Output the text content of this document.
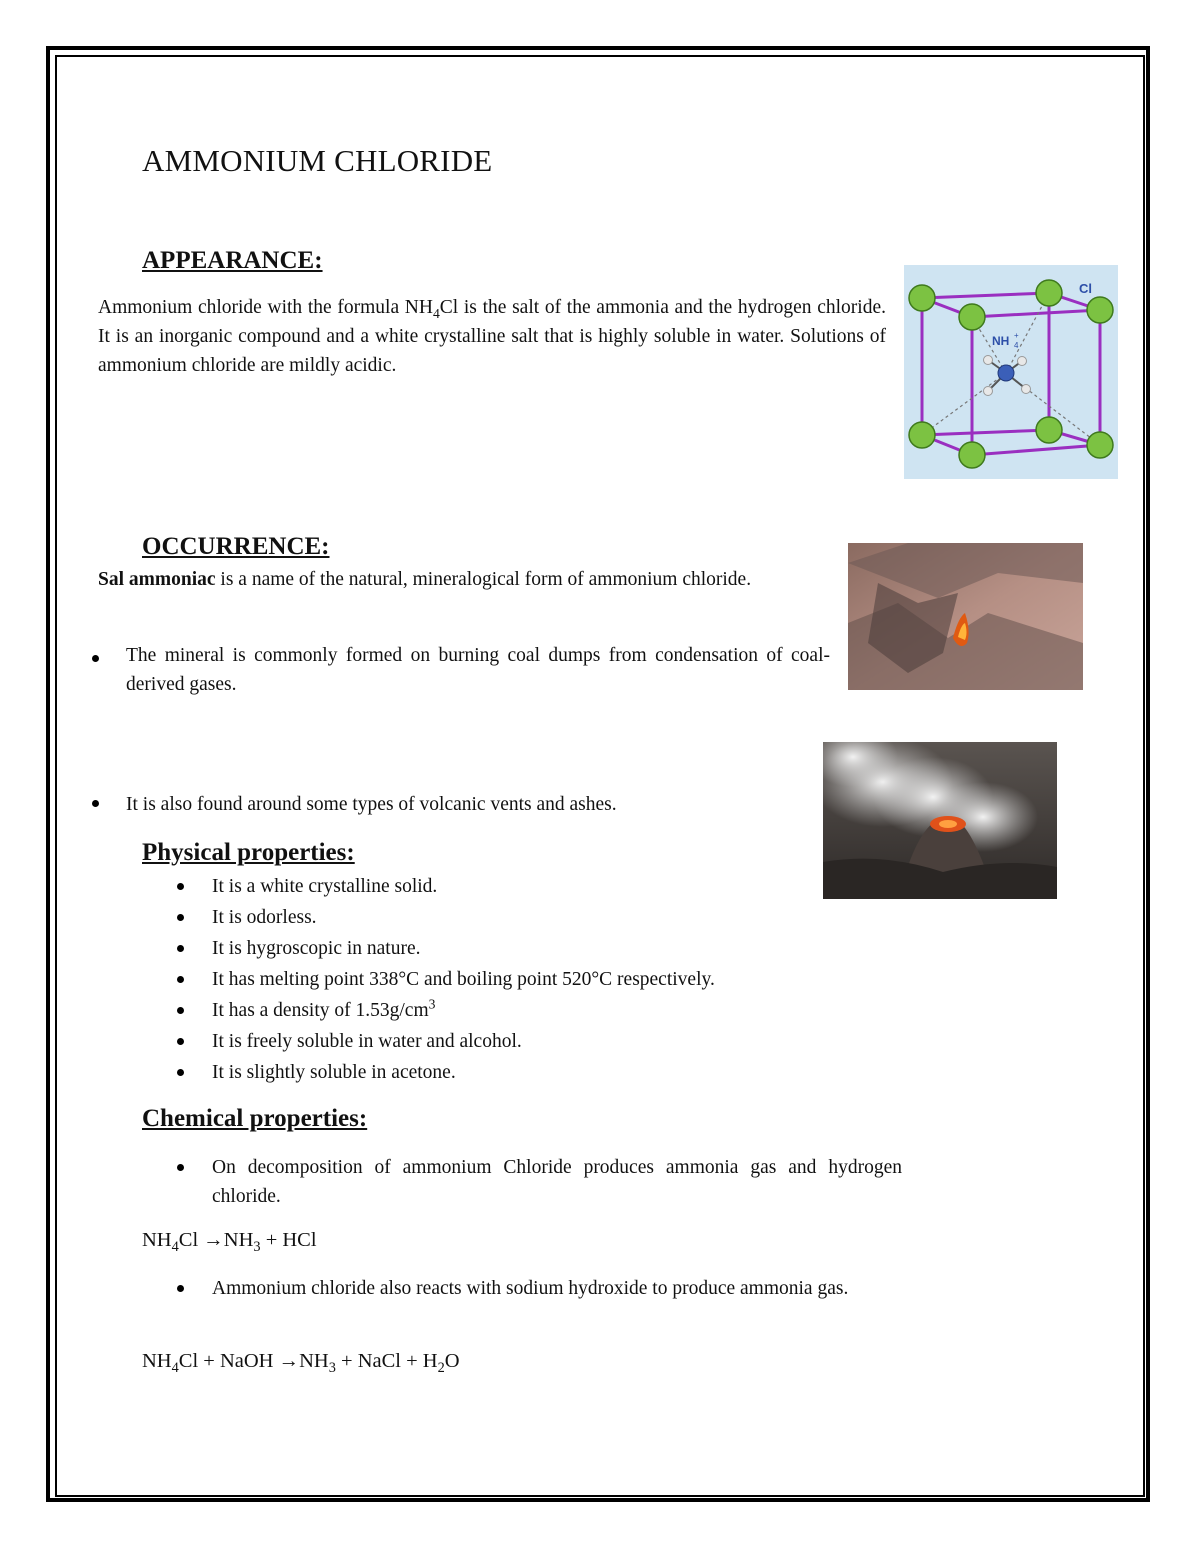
AMMONIUM CHLORIDE
APPEARANCE:
Ammonium chloride with the formula $NH_4Cl$ is the salt of the ammonia and the hydrogen chloride. It is an inorganic compound and a white crystalline salt that is highly soluble in water. Solutions of ammonium chloride are mildly acidic.
Cl
NH +
4
OCCURRENCE:
Sal ammoniac is a name of the natural, mineralogical form of ammonium chloride.
The mineral is commonly formed on burning coal dumps from condensation of coal-derived gases.
It is also found around some types of volcanic vents and ashes.
Physical properties:
It is a white crystalline solid.
It is odorless.
It is hygroscopic in nature.
It has melting point 338°C and boiling point 520°C respectively.
It has a density of $1.53g/cm^3$
It is freely soluble in water and alcohol.
It is slightly soluble in acetone.
Chemical properties:
On decomposition of ammonium Chloride produces ammonia gas and hydrogen chloride.
$NH_4Cl \to NH_3$ + HCl
Ammonium chloride also reacts with sodium hydroxide to produce ammonia gas.
$NH_4Cl$ + NaOH $\to NH_3$ + NaCl + $H_2O$
